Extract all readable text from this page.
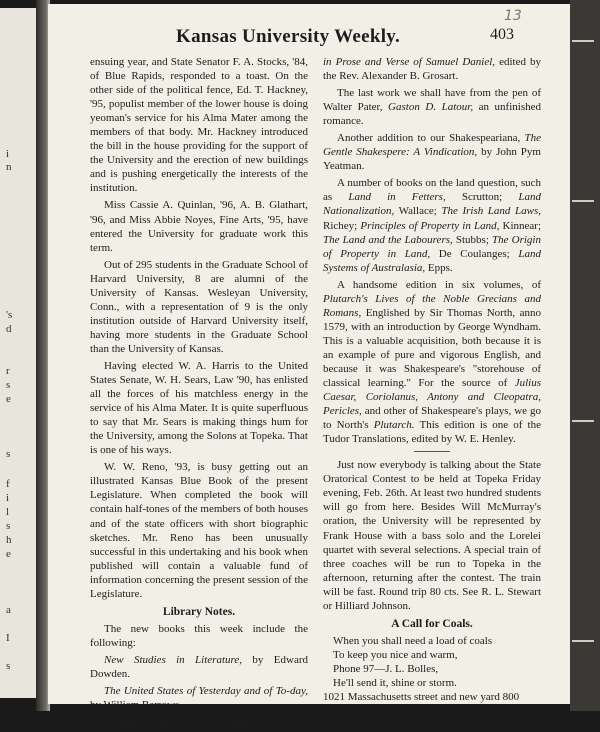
i
n
's
d
r
s
e
s
f
i
l
s
h
e
a
I
s
Kansas University Weekly.
13
403

ensuing year, and State Senator F. A. Stocks, '84, of Blue Rapids, responded to a toast. On the other side of the political fence, Ed. T. Hackney, '95, populist member of the lower house is doing yeoman's service for his Alma Mater among the members of that body. Mr. Hackney introduced the bill in the house providing for the support of the University and the erection of new buildings and is pushing energetically the interests of the institution.

Miss Cassie A. Quinlan, '96, A. B. Glathart, '96, and Miss Abbie Noyes, Fine Arts, '95, have entered the University for graduate work this term.

Out of 295 students in the Graduate School of Harvard University, 8 are alumni of the University of Kansas. Wesleyan University, Conn., with a representation of 9 is the only institution outside of Harvard University itself, having more students in the Graduate School than the University of Kansas.

Having elected W. A. Harris to the United States Senate, W. H. Sears, Law '90, has enlisted all the forces of his matchless energy in the service of his Alma Mater. It is quite superfluous to say that Mr. Sears is making things hum for the University, among the Solons at Topeka. That is one of his ways.

W. W. Reno, '93, is busy getting out an illustrated Kansas Blue Book of the present Legislature. When completed the book will contain half-tones of the members of both houses and of the state officers with short biographic sketches. Mr. Reno has been unusually successful in this undertaking and his book when published will contain a valuable fund of information concerning the present session of the Legislature.

Library Notes.

The new books this week include the following:

New Studies in Literature, by Edward Dowden.

The United States of Yesterday and of To-day, by William Barrows.

Volumes V and VI of The Complete Works

in Prose and Verse of Samuel Daniel, edited by the Rev. Alexander B. Grosart.

The last work we shall have from the pen of Walter Pater, Gaston D. Latour, an unfinished romance.

Another addition to our Shakespeariana, The Gentle Shakespere: A Vindication, by John Pym Yeatman.

A number of books on the land question, such as Land in Fetters, Scrutton; Land Nationalization, Wallace; The Irish Land Laws, Richey; Principles of Property in Land, Kinnear; The Land and the Labourers, Stubbs; The Origin of Property in Land, De Coulanges; Land Systems of Australasia, Epps.

A handsome edition in six volumes, of Plutarch's Lives of the Noble Grecians and Romans, Englished by Sir Thomas North, anno 1579, with an introduction by George Wyndham. This is a valuable acquisition, both because it is an example of pure and vigorous English, and because it was Shakespeare's "storehouse of classical learning." For the source of Julius Caesar, Coriolanus, Antony and Cleopatra, Pericles, and other of Shakespeare's plays, we go to North's Plutarch. This edition is one of the Tudor Translations, edited by W. E. Henley.

Just now everybody is talking about the State Oratorical Contest to be held at Topeka Friday evening, Feb. 26th. At least two hundred students will go from here. Besides Will McMurray's oration, the University will be represented by Frank House with a bass solo and the Lorelei quartet with several selections. A special train of three coaches will be run to Topeka in the afternoon, returning after the contest. The train will be fast. Round trip 80 cts. See R. L. Stewart or Hilliard Johnson.

A Call for Coals.
When you shall need a load of coals
To keep you nice and warm,
Phone 97—J. L. Bolles,
He'll send it, shine or storm.
1021 Massachusetts street and new yard 800
Vermont street.
